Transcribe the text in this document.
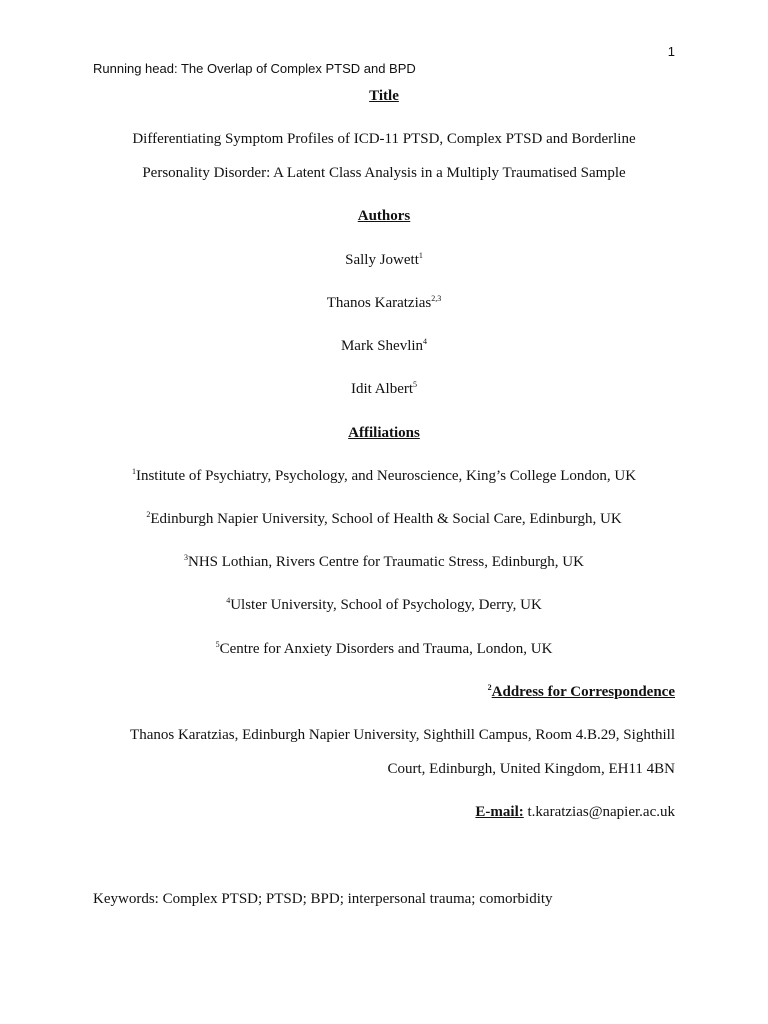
1
Running head: The Overlap of Complex PTSD and BPD
Title
Differentiating Symptom Profiles of ICD-11 PTSD, Complex PTSD and Borderline
Personality Disorder: A Latent Class Analysis in a Multiply Traumatised Sample
Authors
Sally Jowett$^1$
Thanos Karatzias$^{2,3}$
Mark Shevlin$^4$
Idit Albert$^5$
Affiliations
$^1$Institute of Psychiatry, Psychology, and Neuroscience, King’s College London, UK
$^2$Edinburgh Napier University, School of Health & Social Care, Edinburgh, UK
$^3$NHS Lothian, Rivers Centre for Traumatic Stress, Edinburgh, UK
$^4$Ulster University, School of Psychology, Derry, UK
$^5$Centre for Anxiety Disorders and Trauma, London, UK
$^2$Address for Correspondence
Thanos Karatzias, Edinburgh Napier University, Sighthill Campus, Room 4.B.29, Sighthill
Court, Edinburgh, United Kingdom, EH11 4BN
E-mail: t.karatzias@napier.ac.uk
Keywords: Complex PTSD; PTSD; BPD; interpersonal trauma; comorbidity
